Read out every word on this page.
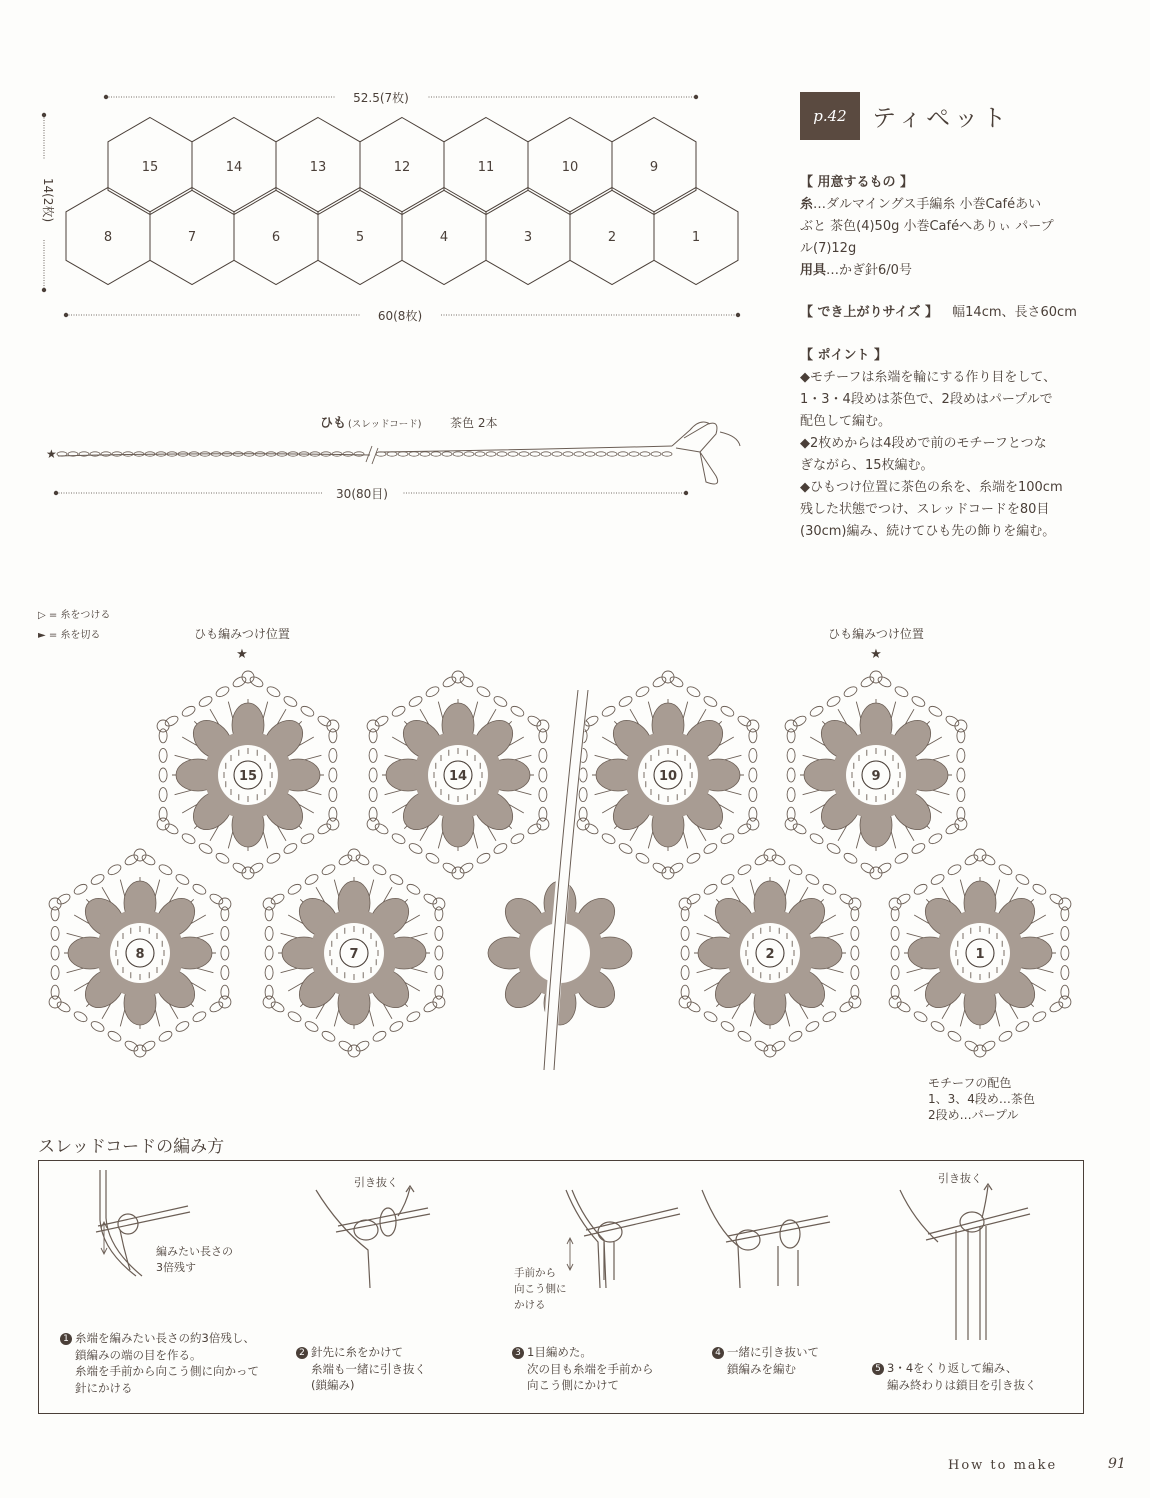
52.5(7枚)
14(2枚)
60(8枚)
★
ひも (スレッドコード) 茶色 2本
30(80目)
15	14	13	12	11	10	9
8	7	6	5	4	3	2	1
p.42	ティペット
【 用意するもの 】
糸…ダルマイングス手編糸 小巻Caféあい
ぶと 茶色(4)50g 小巻Caféへありぃ パープ
ル(7)12g
用具…かぎ針6/0号
【 でき上がりサイズ 】 幅14cm、長さ60cm
【 ポイント 】
◆モチーフは糸端を輪にする作り目をして、
1・3・4段めは茶色で、2段めはパープルで
配色して編む。
◆2枚めからは4段めで前のモチーフとつな
ぎながら、15枚編む。
◆ひもつけ位置に茶色の糸を、糸端を100cm
残した状態でつけ、スレッドコードを80目
(30cm)編み、続けてひも先の飾りを編む。
▷ = 糸をつける
► = 糸を切る	ひも編みつけ位置
★
ひも編みつけ位置
★
15	14	10	9
8	7	2	1
モチーフの配色
1、3、4段め…茶色
2段め…パープル
スレッドコードの編み方
編みたい長さの
3倍残す
引き抜く
手前から
向こう側に
かける
引き抜く
1 糸端を編みたい長さの約3倍残し、
鎖編みの端の目を作る。
糸端を手前から向こう側に向かって
針にかける
2 針先に糸をかけて
糸端も一緒に引き抜く
(鎖編み)
3 1目編めた。
次の目も糸端を手前から
向こう側にかけて
4 一緒に引き抜いて
鎖編みを編む	5 3・4をくり返して編み、
編み終わりは鎖目を引き抜く
How to make	91
